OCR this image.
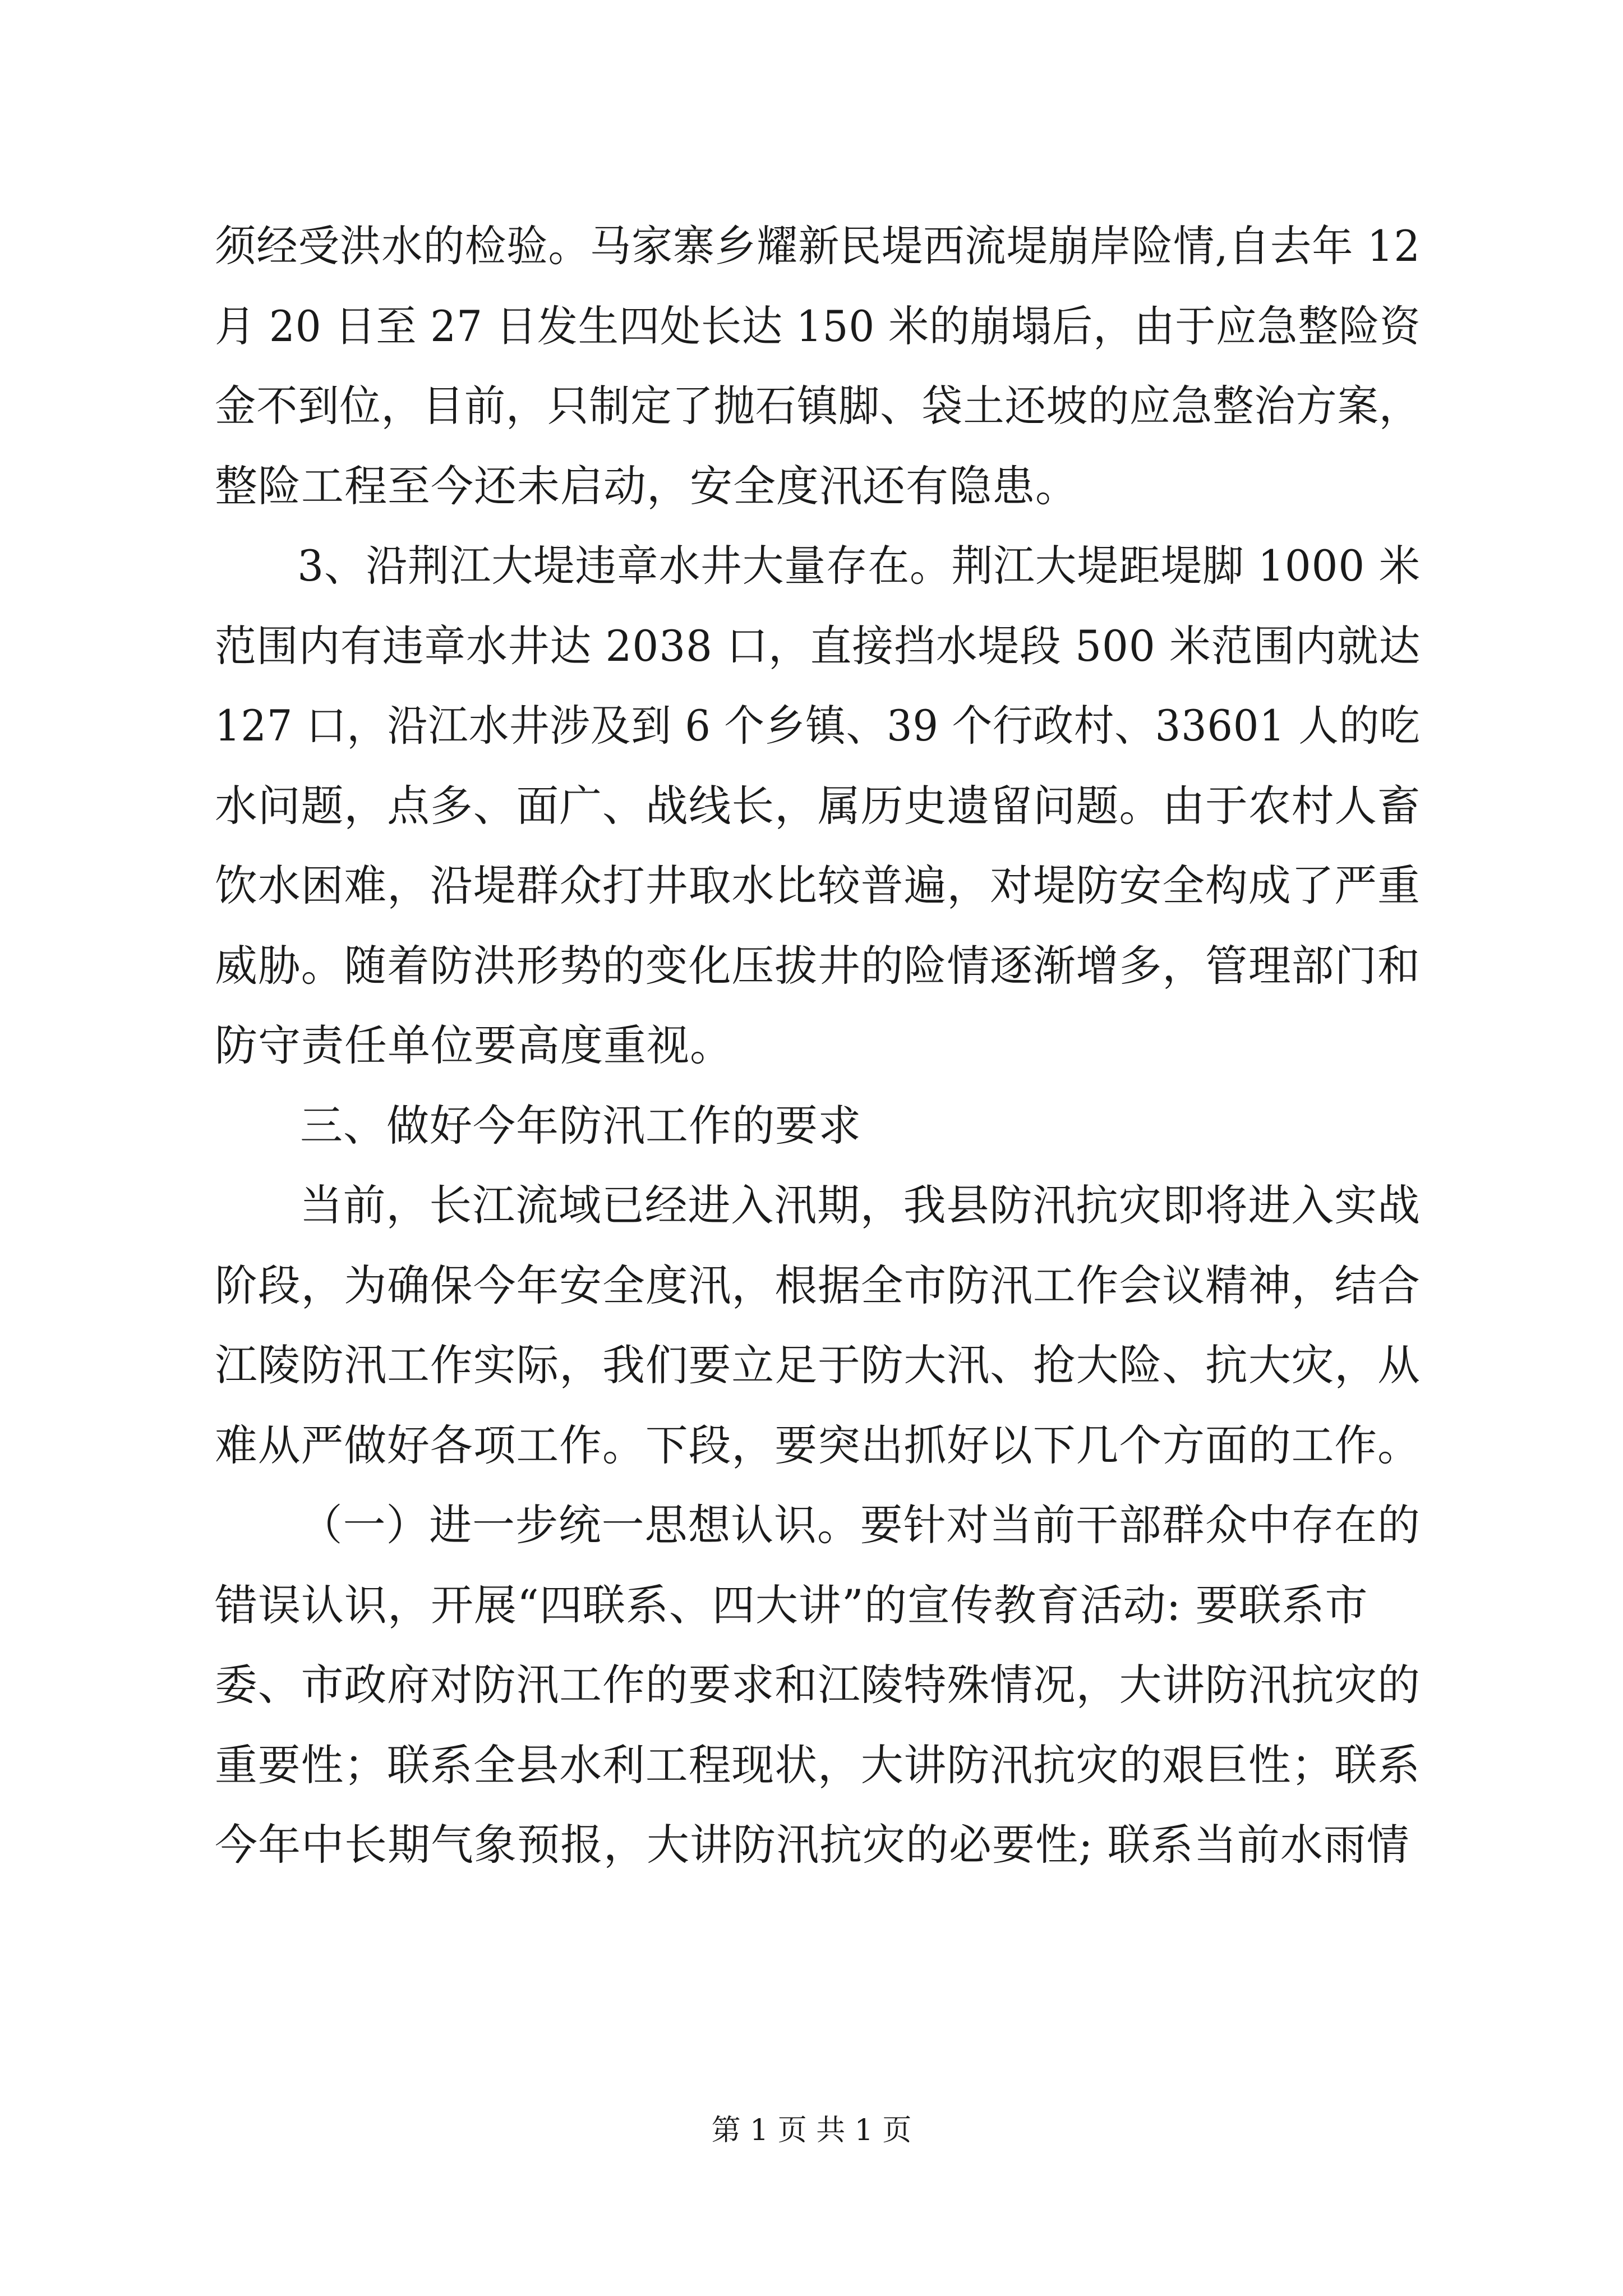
须经受洪水的检验。马家寨乡耀新民堤西流堤崩岸险情,自去年 12
月 20 日至 27 日发生四处长达 150 米的崩塌后，由于应急整险资
金不到位，目前，只制定了抛石镇脚、袋土还坡的应急整治方案，
整险工程至今还未启动，安全度汛还有隐患。
3、沿荆江大堤违章水井大量存在。荆江大堤距堤脚 1000 米
范围内有违章水井达 2038 口，直接挡水堤段 500 米范围内就达
127 口，沿江水井涉及到 6 个乡镇、39 个行政村、33601 人的吃
水问题，点多、面广、战线长，属历史遗留问题。由于农村人畜
饮水困难，沿堤群众打井取水比较普遍，对堤防安全构成了严重
威胁。随着防洪形势的变化压拔井的险情逐渐增多，管理部门和
防守责任单位要高度重视。
三、做好今年防汛工作的要求
当前，长江流域已经进入汛期，我县防汛抗灾即将进入实战
阶段，为确保今年安全度汛，根据全市防汛工作会议精神，结合
江陵防汛工作实际，我们要立足于防大汛、抢大险、抗大灾，从
难从严做好各项工作。下段，要突出抓好以下几个方面的工作。
（一）进一步统一思想认识。要针对当前干部群众中存在的
错误认识，开展“四联系、四大讲”的宣传教育活动: 要联系市
委、市政府对防汛工作的要求和江陵特殊情况，大讲防汛抗灾的
重要性；联系全县水利工程现状，大讲防汛抗灾的艰巨性；联系
今年中长期气象预报，大讲防汛抗灾的必要性; 联系当前水雨情
第 1 页 共 1 页
